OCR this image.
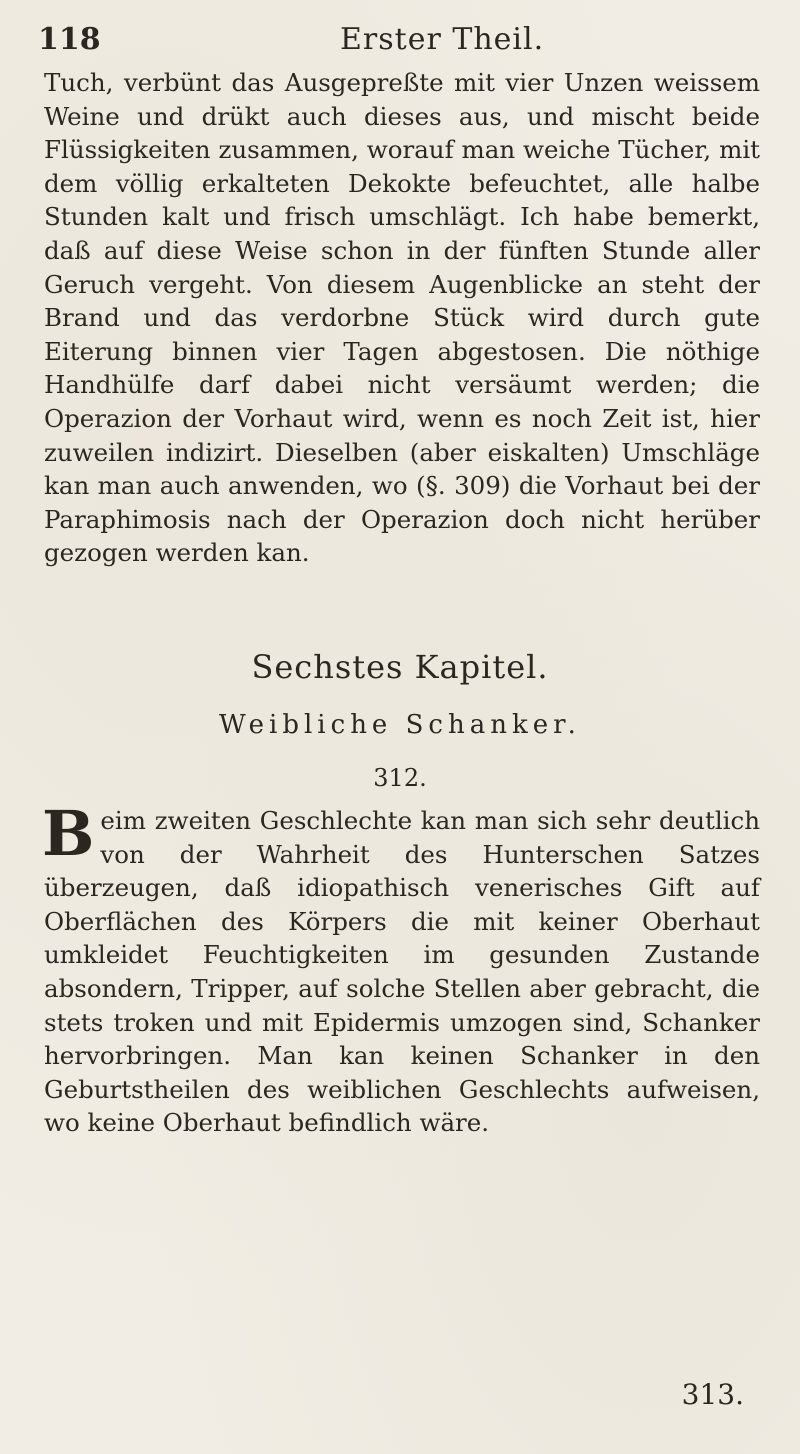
118	Erster Theil.

Tuch, verbünt das Ausgepreßte mit vier Unzen weissem Weine und drükt auch dieses aus, und mischt beide Flüssigkeiten zusammen, worauf man weiche Tücher, mit dem völlig erkalteten Dekokte befeuchtet, alle halbe Stunden kalt und frisch umschlägt. Ich habe bemerkt, daß auf diese Weise schon in der fünften Stunde aller Geruch vergeht. Von diesem Augenblicke an steht der Brand und das verdorbne Stück wird durch gute Eiterung binnen vier Tagen abgestosen. Die nöthige Handhülfe darf dabei nicht versäumt werden; die Operazion der Vorhaut wird, wenn es noch Zeit ist, hier zuweilen indizirt. Dieselben (aber eiskalten) Umschläge kan man auch anwenden, wo (§. 309) die Vorhaut bei der Paraphimosis nach der Operazion doch nicht herüber gezogen werden kan.

Sechstes Kapitel.
Weibliche Schanker.
312.

Beim zweiten Geschlechte kan man sich sehr deutlich von der Wahrheit des Hunterschen Satzes überzeugen, daß idiopathisch venerisches Gift auf Oberflächen des Körpers die mit keiner Oberhaut umkleidet Feuchtigkeiten im gesunden Zustande absondern, Tripper, auf solche Stellen aber gebracht, die stets troken und mit Epidermis umzogen sind, Schanker hervorbringen. Man kan keinen Schanker in den Geburtstheilen des weiblichen Geschlechts aufweisen, wo keine Oberhaut befindlich wäre.

313.
